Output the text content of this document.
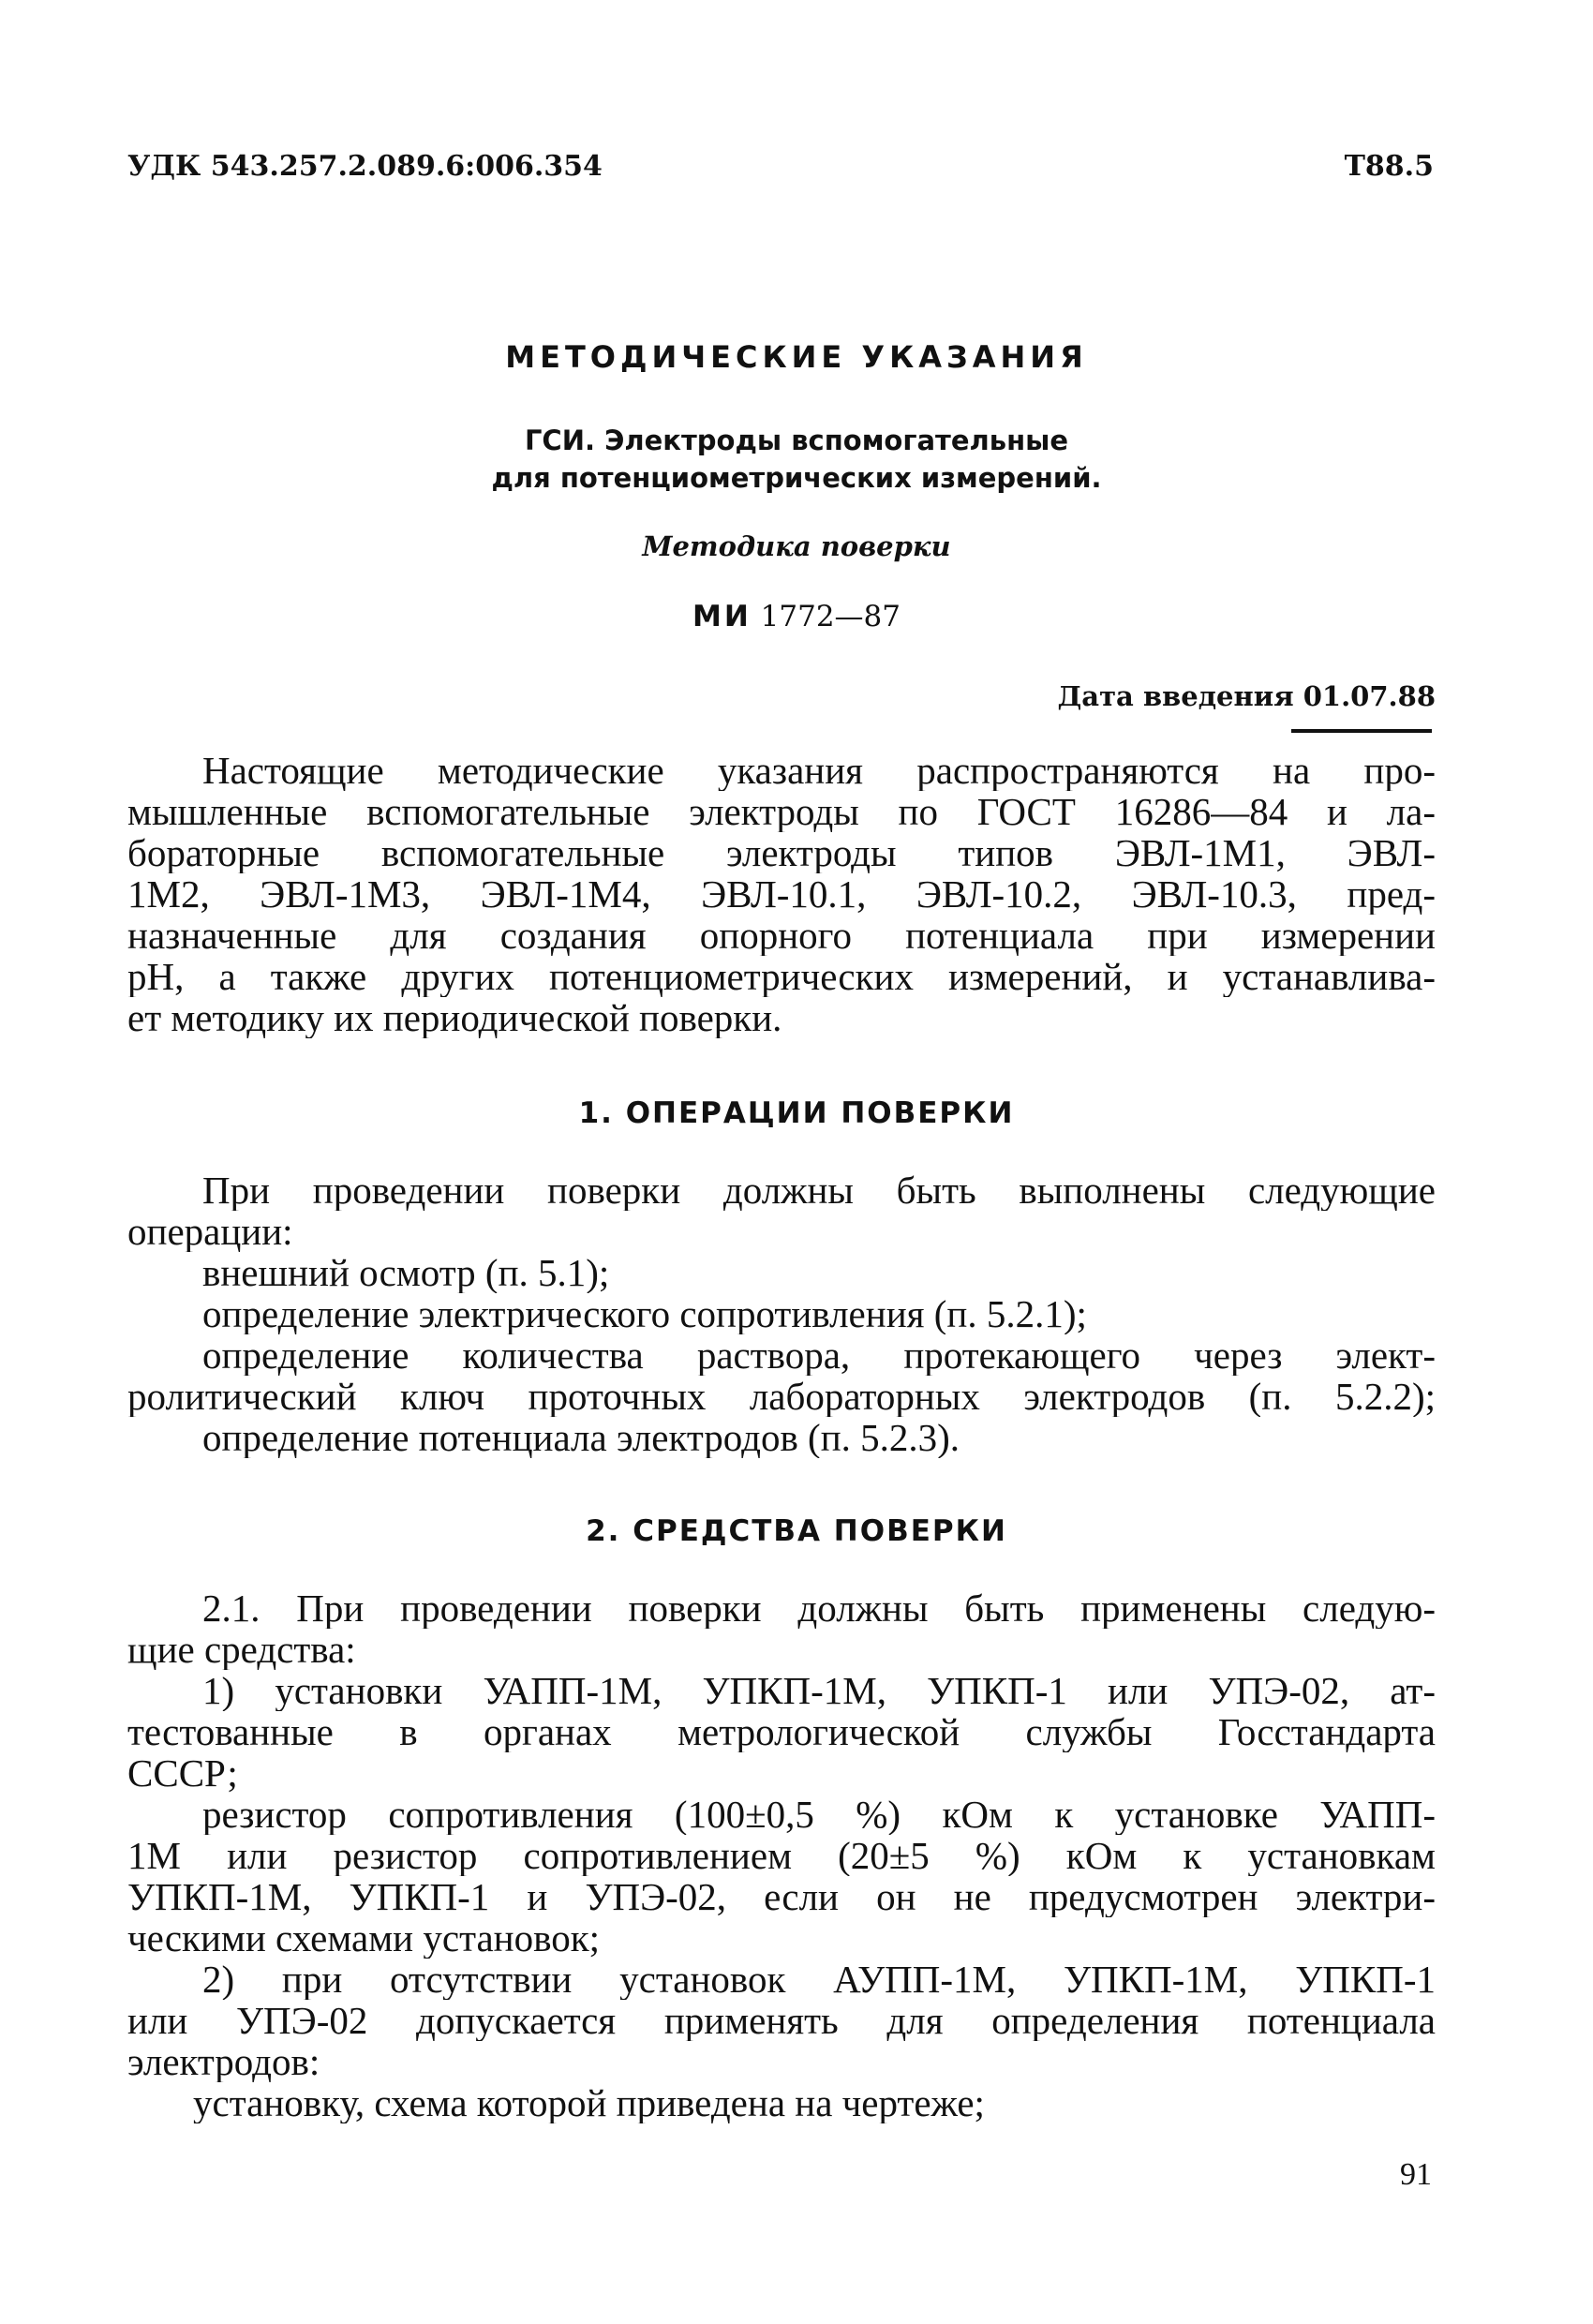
УДК 543.257.2.089.6:006.354	Т88.5
МЕТОДИЧЕСКИЕ УКАЗАНИЯ
ГСИ. Электроды вспомогательные
для потенциометрических измерений.
Методика поверки
МИ 1772—87
Дата введения 01.07.88
Настоящие методические указания распространяются на про-
мышленные вспомогательные электроды по ГОСТ 16286—84 и ла-
бораторные вспомогательные электроды типов ЭВЛ-1М1, ЭВЛ-
1М2, ЭВЛ-1М3, ЭВЛ-1М4, ЭВЛ-10.1, ЭВЛ-10.2, ЭВЛ-10.3, пред-
назначенные для создания опорного потенциала при измерении
pH, а также других потенциометрических измерений, и устанавлива-
ет методику их периодической поверки.
1. ОПЕРАЦИИ ПОВЕРКИ
При проведении поверки должны быть выполнены следующие
операции:
внешний осмотр (п. 5.1);
определение электрического сопротивления (п. 5.2.1);
определение количества раствора, протекающего через элект-
ролитический ключ проточных лабораторных электродов (п. 5.2.2);
определение потенциала электродов (п. 5.2.3).
2. СРЕДСТВА ПОВЕРКИ
2.1. При проведении поверки должны быть применены следую-
щие средства:
1) установки УАПП-1М, УПКП-1М, УПКП-1 или УПЭ-02, ат-
тестованные в органах метрологической службы Госстандарта
СССР;
резистор сопротивления (100±0,5 %) кОм к установке УАПП-
1М или резистор сопротивлением (20±5 %) кОм к установкам
УПКП-1М, УПКП-1 и УПЭ-02, если он не предусмотрен электри-
ческими схемами установок;
2) при отсутствии установок АУПП-1М, УПКП-1М, УПКП-1
или УПЭ-02 допускается применять для определения потенциала
электродов:
установку, схема которой приведена на чертеже;
91
